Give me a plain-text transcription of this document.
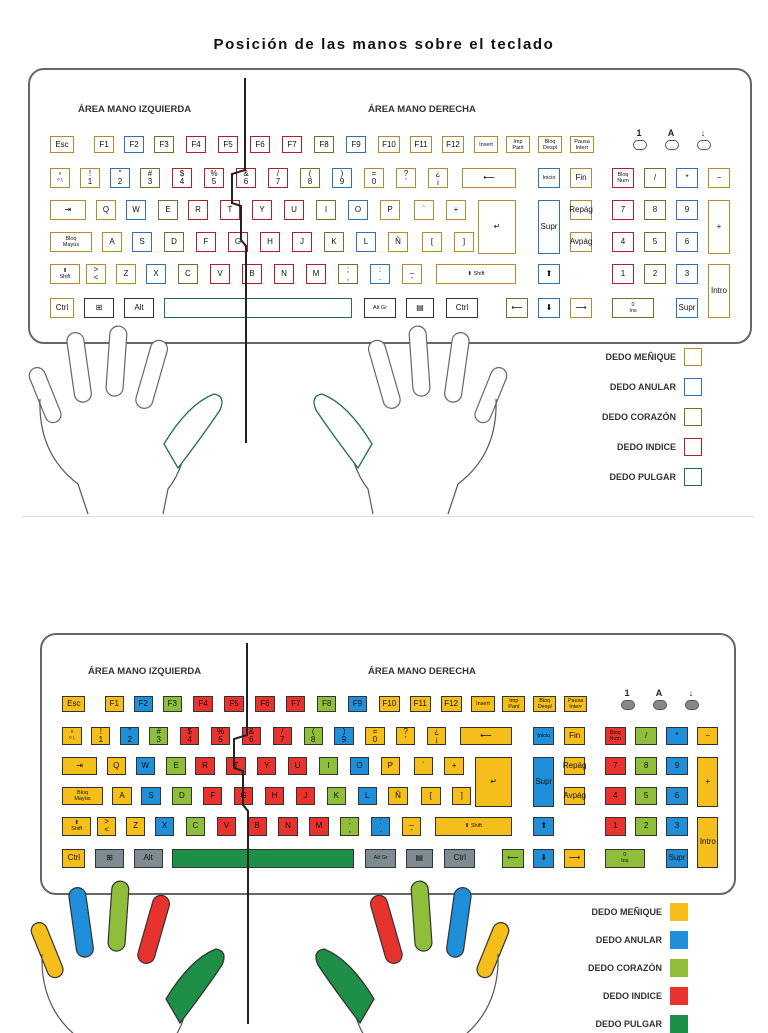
Posición de las manos sobre el teclado
ÁREA MANO IZQUIERDA	ÁREA MANO DERECHA
Esc	F1	F2	F3	F4	F5	F6	F7	F8	F9	F10	F11	F12	Insert	Imp
Pant
Bloq
Despl
Pausa
Interr
ª
º \
!
1
"
2
#
3
$
4
%
5
&
6
/
7
(
8
)
9
=
0
?
'
¿
¡	⟵	Inicio	Fin	Bloq
Num	/	*	−
⇥	Q	W	E	R	T	Y	U	I	O	P	`	+
↵	Supr
Repág	7	8	9
+
Bloq
Mayús	A	S	D	F	G	H	J	K	L	Ñ	[	]	Avpág	4	5	6
⬆
Shift
>
<	Z	X	C	V	B	N	M	;
,
:
.
_
-	⬆ Shift	⬆	1	2	3
Intro
Ctrl	⊞	Alt	Alt Gr	▤	Ctrl	⟵	⬇	⟶	0
Ins	Supr
1	A	↓
DEDO MEÑIQUE
DEDO ANULAR
DEDO CORAZÓN
DEDO INDICE
DEDO PULGAR
ÁREA MANO IZQUIERDA	ÁREA MANO DERECHA
Esc	F1	F2	F3	F4	F5	F6	F7	F8	F9	F10	F11	F12	Insert	Imp
Pant
Bloq
Despl
Pausa
Interr
ª
º \
!
1
"
2
#
3
$
4
%
5
&
6
/
7
(
8
)
9
=
0
?
'
¿
¡	⟵	Inicio	Fin	Bloq
Num	/	*	−
⇥	Q	W	E	R	T	Y	U	I	O	P	`	+
↵	Supr
Repág	7	8	9
+
Bloq
Mayús	A	S	D	F	G	H	J	K	L	Ñ	[	]	Avpág	4	5	6
⬆
Shift
>
<	Z	X	C	V	B	N	M	;
,
:
.
_
-	⬆ Shift	⬆	1	2	3
Intro
Ctrl	⊞	Alt	Alt Gr	▤	Ctrl	⟵	⬇	⟶	0
Ins	Supr
1	A	↓
DEDO MEÑIQUE
DEDO ANULAR
DEDO CORAZÓN
DEDO INDICE
DEDO PULGAR
